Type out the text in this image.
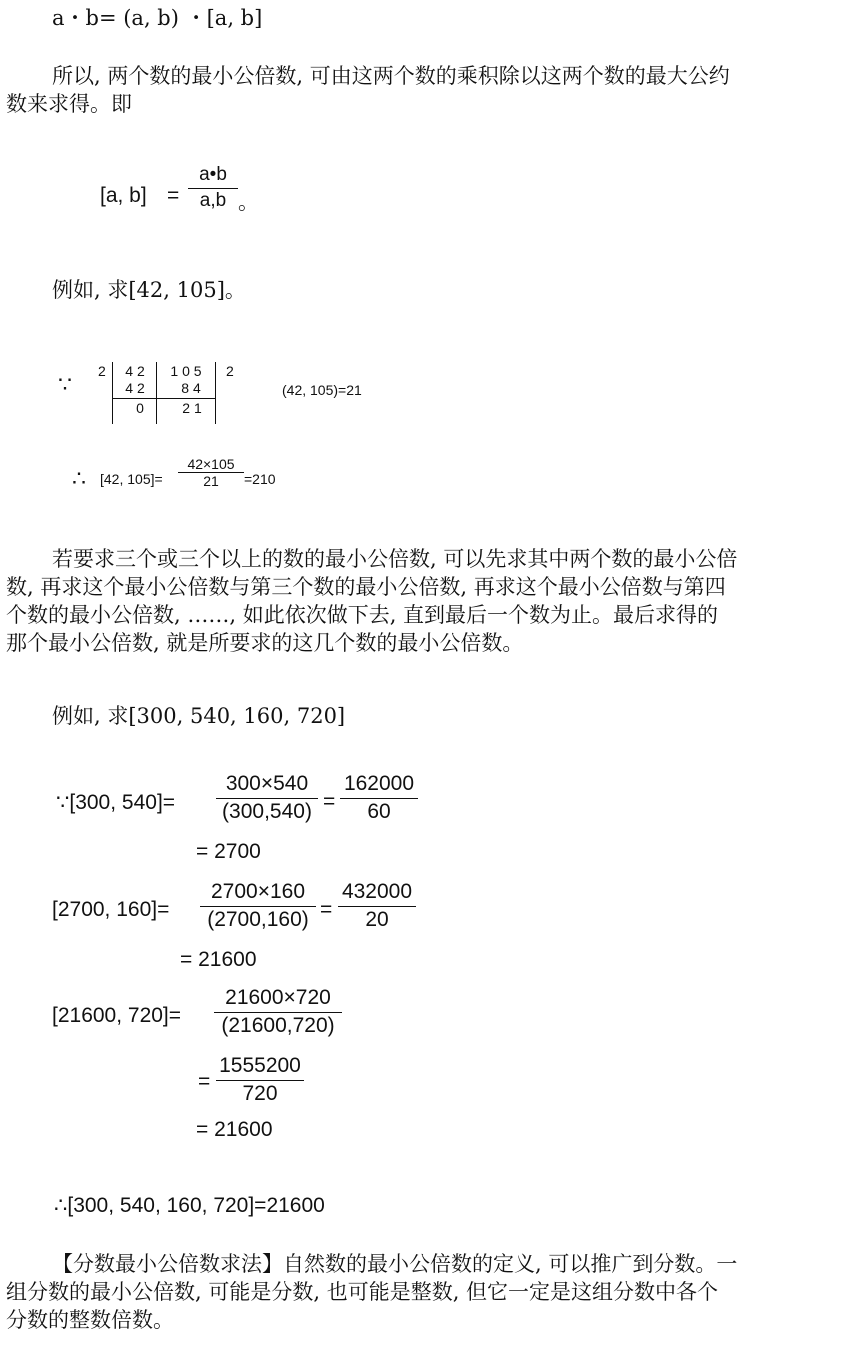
a・b= (a, b) ・[a, b]
所以, 两个数的最小公倍数, 可由这两个数的乘积除以这两个数的最大公约
数来求得。即
[a, b] =
a•b
a,b 。
例如, 求[42, 105]。
∵
2	4 2
4 2
0
1 0 5
8 4
2 1
2
(42, 105)=21
∴ [42, 105]=
42×105
21	=210
若要求三个或三个以上的数的最小公倍数, 可以先求其中两个数的最小公倍
数, 再求这个最小公倍数与第三个数的最小公倍数, 再求这个最小公倍数与第四
个数的最小公倍数, ……, 如此依次做下去, 直到最后一个数为止。最后求得的
那个最小公倍数, 就是所要求的这几个数的最小公倍数。
例如, 求[300, 540, 160, 720]
∵[300, 540]=
300×540
(300,540) =
162000
60
= 2700
[2700, 160]=
2700×160
(2700,160) =
432000
20
= 21600
[21600, 720]=
21600×720
(21600,720)
=
1555200
720
= 21600
∴[300, 540, 160, 720]=21600
【分数最小公倍数求法】自然数的最小公倍数的定义, 可以推广到分数。一
组分数的最小公倍数, 可能是分数, 也可能是整数, 但它一定是这组分数中各个
分数的整数倍数。
